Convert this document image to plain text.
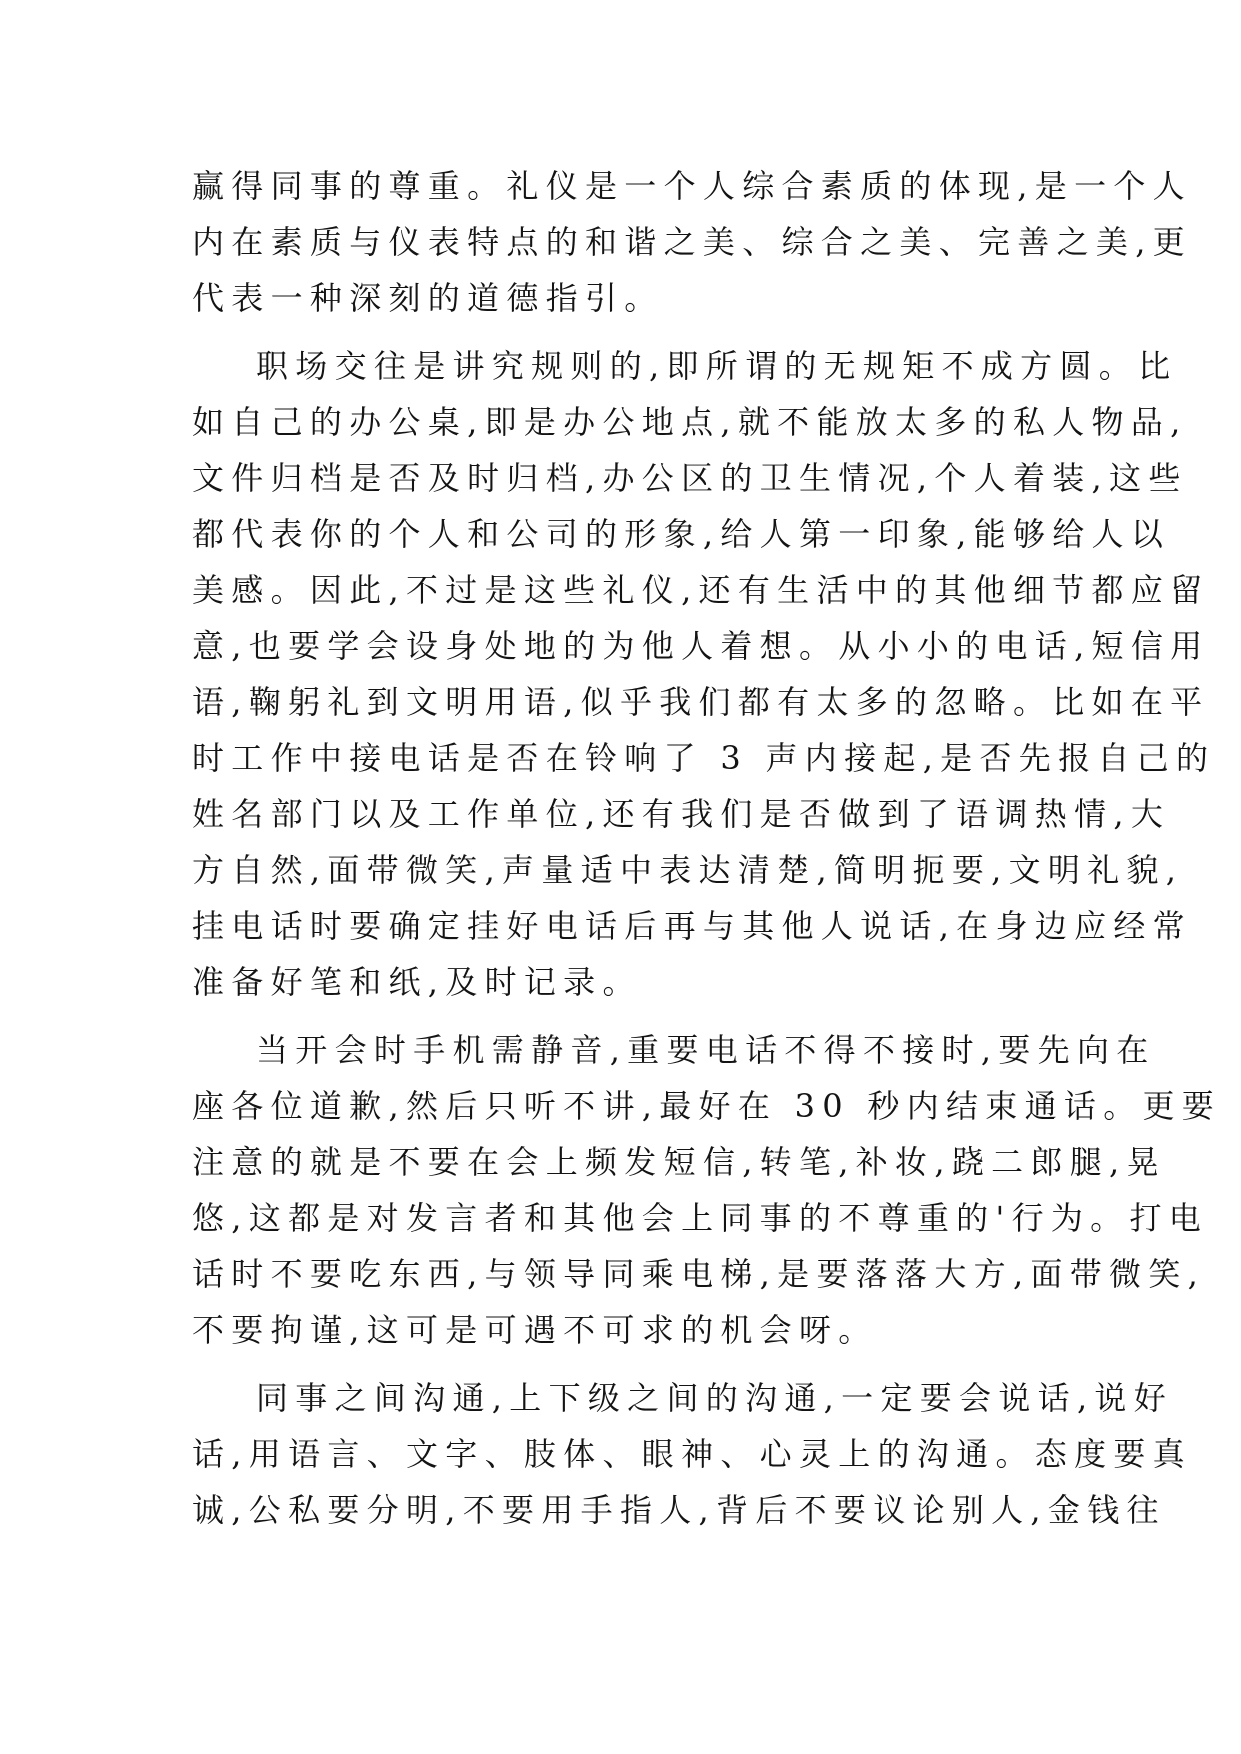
赢得同事的尊重。礼仪是一个人综合素质的体现,是一个人
内在素质与仪表特点的和谐之美、综合之美、完善之美,更
代表一种深刻的道德指引。
职场交往是讲究规则的,即所谓的无规矩不成方圆。比
如自己的办公桌,即是办公地点,就不能放太多的私人物品,
文件归档是否及时归档,办公区的卫生情况,个人着装,这些
都代表你的个人和公司的形象,给人第一印象,能够给人以
美感。因此,不过是这些礼仪,还有生活中的其他细节都应留
意,也要学会设身处地的为他人着想。从小小的电话,短信用
语,鞠躬礼到文明用语,似乎我们都有太多的忽略。比如在平
时工作中接电话是否在铃响了 3 声内接起,是否先报自己的
姓名部门以及工作单位,还有我们是否做到了语调热情,大
方自然,面带微笑,声量适中表达清楚,简明扼要,文明礼貌,
挂电话时要确定挂好电话后再与其他人说话,在身边应经常
准备好笔和纸,及时记录。
当开会时手机需静音,重要电话不得不接时,要先向在
座各位道歉,然后只听不讲,最好在 30 秒内结束通话。更要
注意的就是不要在会上频发短信,转笔,补妆,跷二郎腿,晃
悠,这都是对发言者和其他会上同事的不尊重的'行为。打电
话时不要吃东西,与领导同乘电梯,是要落落大方,面带微笑,
不要拘谨,这可是可遇不可求的机会呀。
同事之间沟通,上下级之间的沟通,一定要会说话,说好
话,用语言、文字、肢体、眼神、心灵上的沟通。态度要真
诚,公私要分明,不要用手指人,背后不要议论别人,金钱往
